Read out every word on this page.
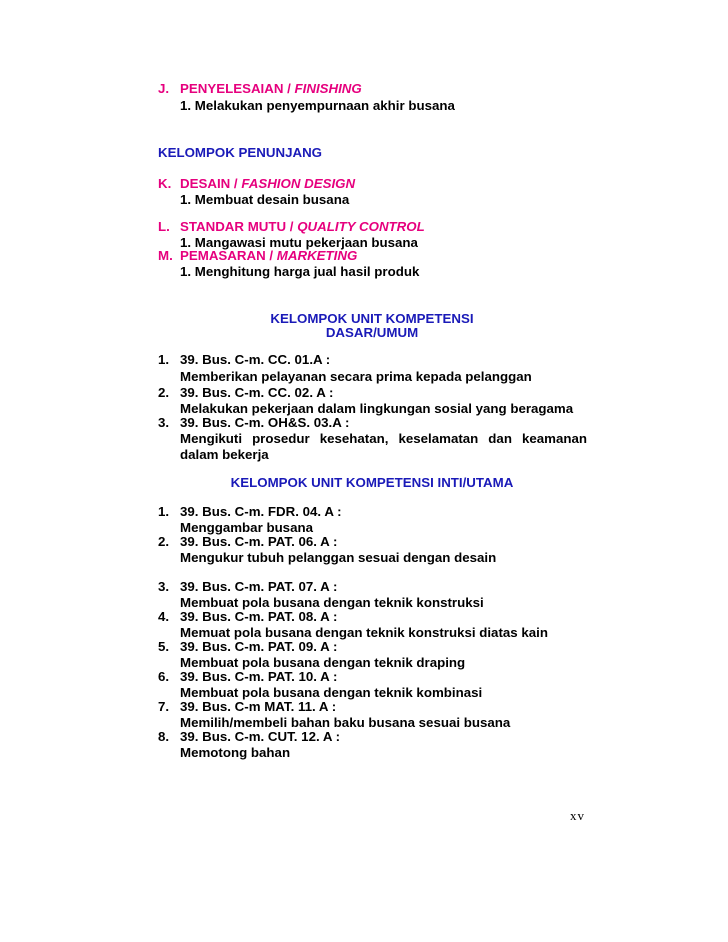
J. PENYELESAIAN / FINISHING
1. Melakukan penyempurnaan akhir busana
KELOMPOK PENUNJANG
K. DESAIN / FASHION DESIGN
1. Membuat desain busana
L. STANDAR MUTU / QUALITY CONTROL
1. Mangawasi mutu pekerjaan busana
M. PEMASARAN / MARKETING
1. Menghitung harga jual hasil produk
KELOMPOK UNIT KOMPETENSI
DASAR/UMUM
1. 39. Bus. C-m. CC. 01.A :
Memberikan pelayanan secara prima kepada pelanggan
2. 39. Bus. C-m. CC. 02. A :
Melakukan pekerjaan dalam lingkungan sosial yang beragama
3. 39. Bus. C-m. OH&S. 03.A :
Mengikuti prosedur kesehatan, keselamatan dan keamanan
dalam bekerja
KELOMPOK UNIT KOMPETENSI INTI/UTAMA
1. 39. Bus. C-m. FDR. 04. A :
Menggambar busana
2. 39. Bus. C-m. PAT. 06. A :
Mengukur tubuh pelanggan sesuai dengan desain
3. 39. Bus. C-m. PAT. 07. A :
Membuat pola busana dengan teknik konstruksi
4. 39. Bus. C-m. PAT. 08. A :
Memuat pola busana dengan teknik konstruksi diatas kain
5. 39. Bus. C-m. PAT. 09. A :
Membuat pola busana dengan teknik draping
6. 39. Bus. C-m. PAT. 10. A :
Membuat pola busana dengan teknik kombinasi
7. 39. Bus. C-m MAT. 11. A :
Memilih/membeli bahan baku busana sesuai busana
8. 39. Bus. C-m. CUT. 12. A :
Memotong bahan
xv
